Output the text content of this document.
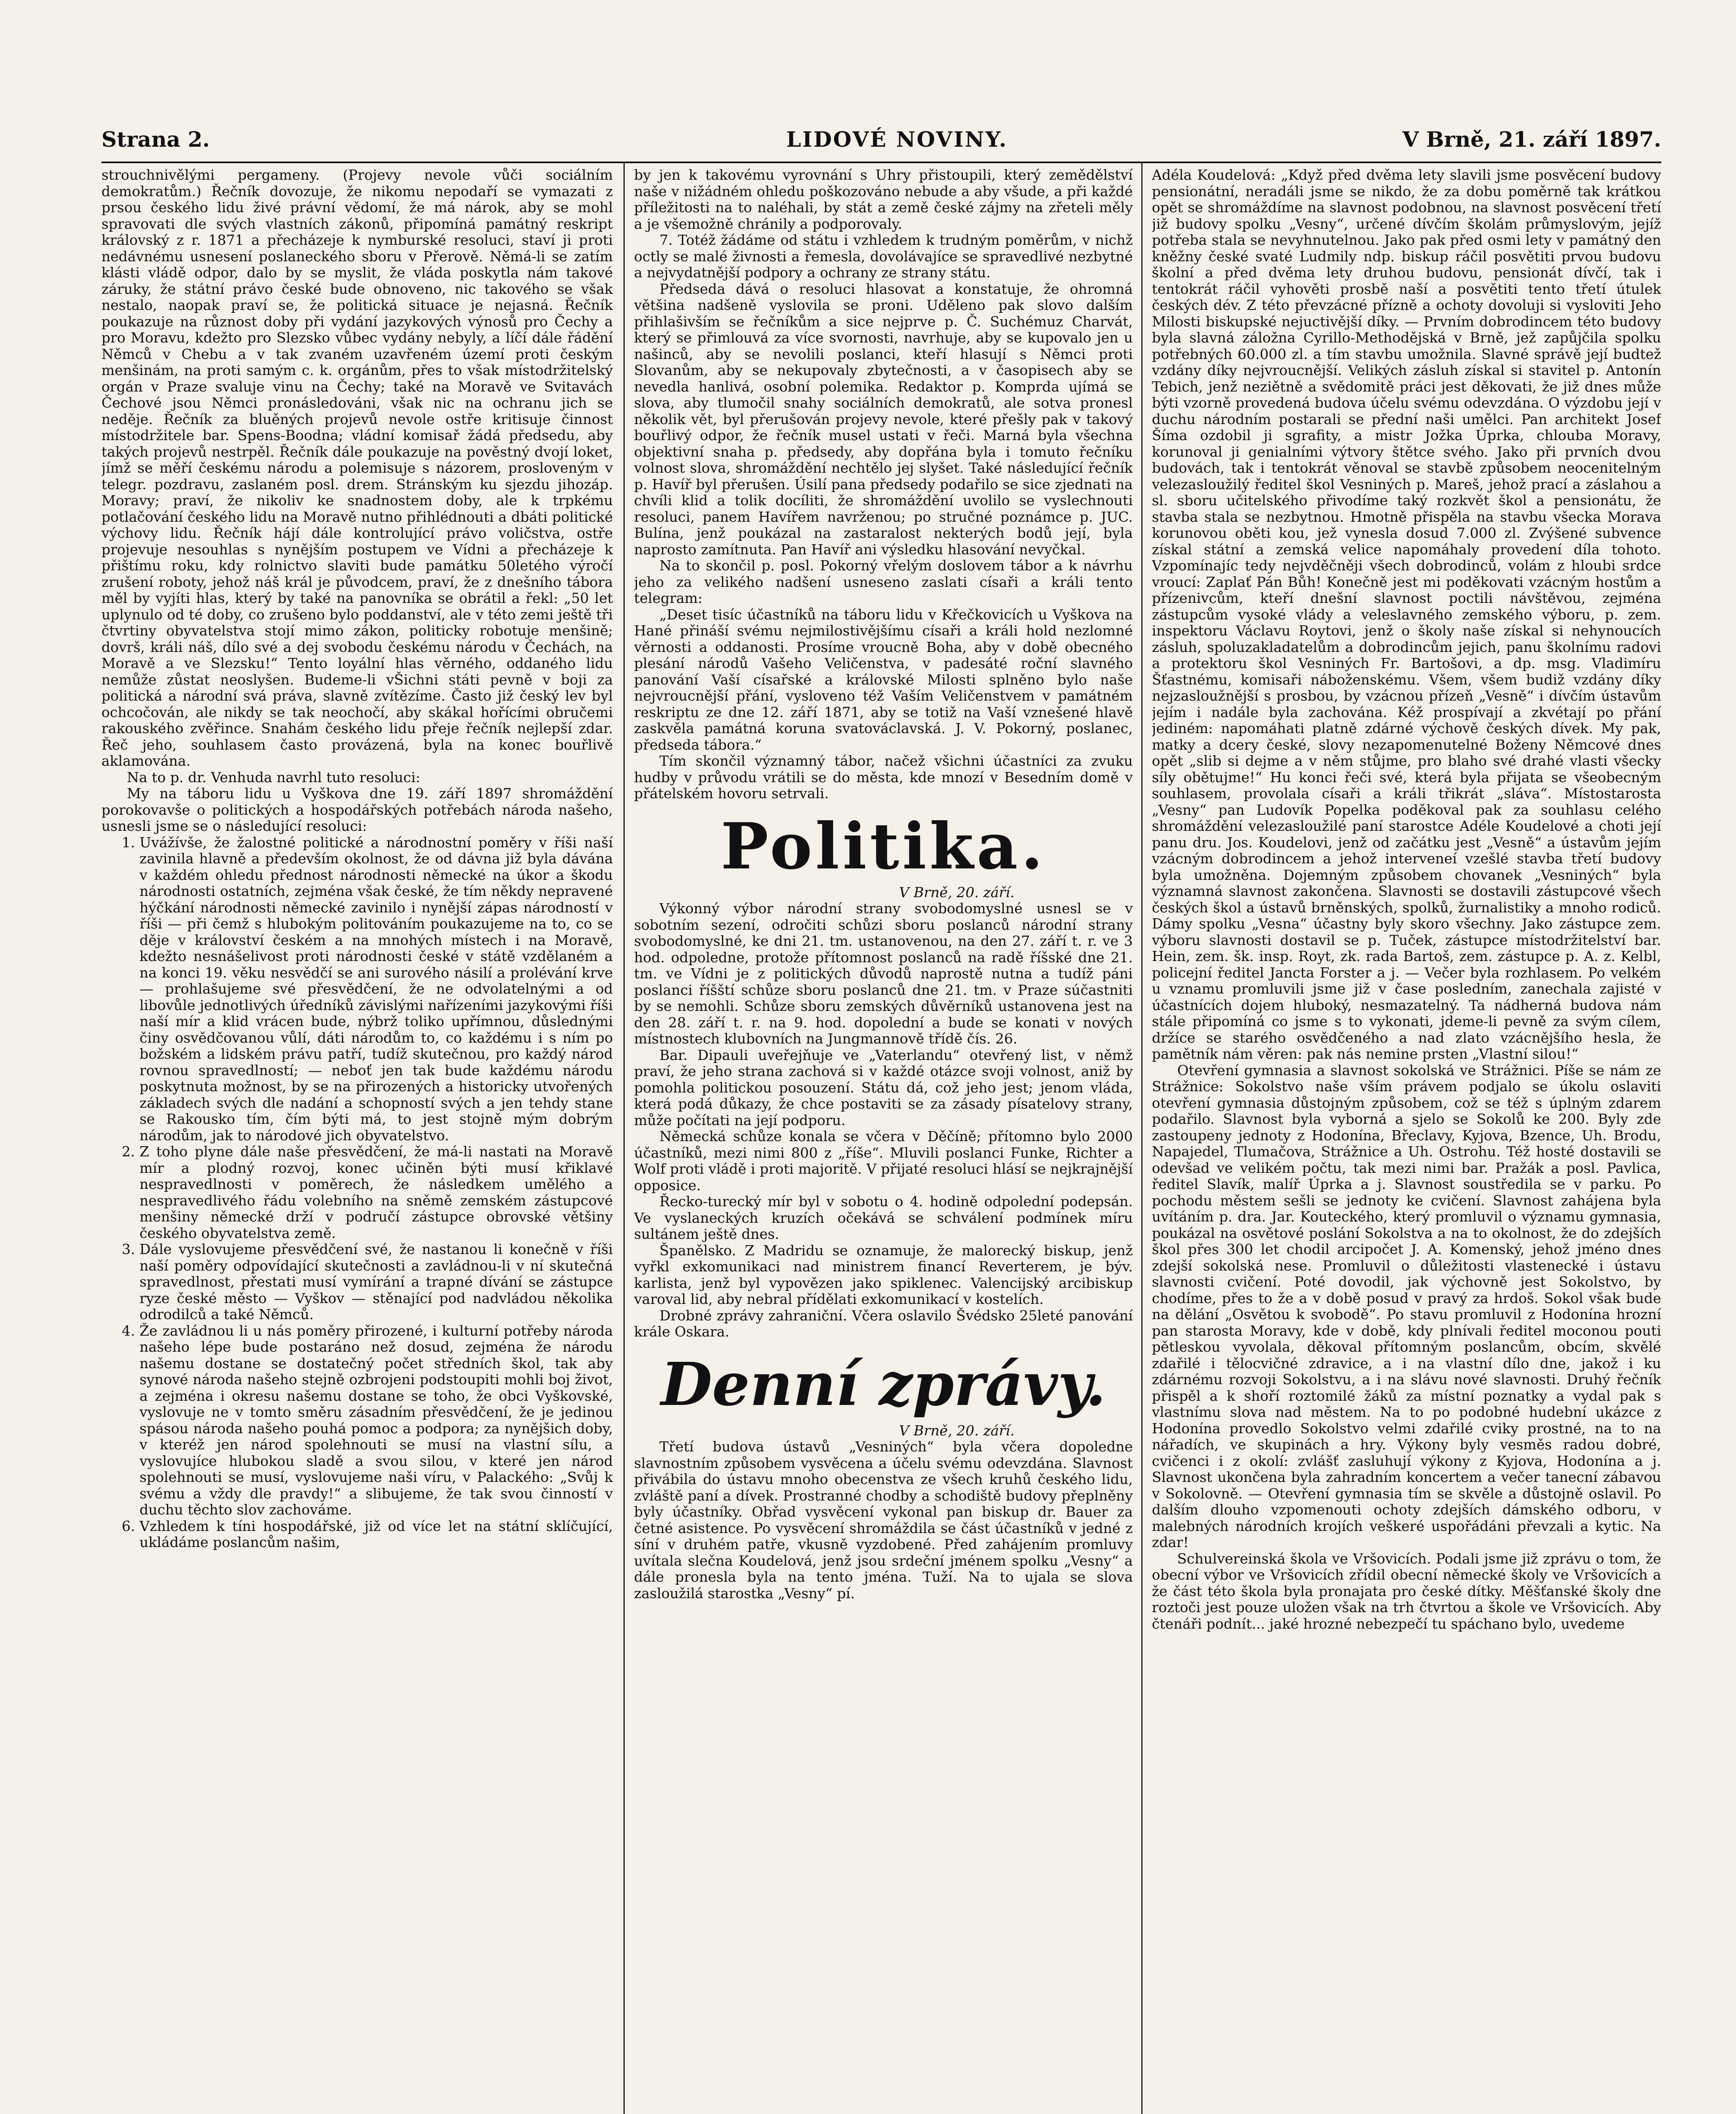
Strana 2.	LIDOVÉ NOVINY.	V Brně, 21. září 1897.

strouchnivělými pergameny. (Projevy nevole vůči sociálním demokratům.) Řečník dovozuje, že nikomu nepodaří se vymazati z prsou českého lidu živé právní vědomí, že má nárok, aby se mohl spravovati dle svých vlastních zákonů, připomíná památný reskript královský z r. 1871 a přecházeje k nymburské resoluci, staví ji proti nedávnému usnesení poslaneckého sboru v Přerově. Němá-li se zatím klásti vládě odpor, dalo by se myslit, že vláda poskytla nám takové záruky, že státní právo české bude obnoveno, nic takového se však nestalo, naopak praví se, že politická situace je nejasná. Řečník poukazuje na různost doby při vydání jazykových výnosů pro Čechy a pro Moravu, kdežto pro Slezsko vůbec vydány nebyly, a líčí dále řádění Němců v Chebu a v tak zvaném uzavřeném území proti českým menšinám, na proti samým c. k. orgánům, přes to však místodržitelský orgán v Praze svaluje vinu na Čechy; také na Moravě ve Svitavách Čechové jsou Němci pronásledováni, však nic na ochranu jich se neděje. Řečník za bluěných projevů nevole ostře kritisuje činnost místodržitele bar. Spens-Boodna; vládní komisař žádá předsedu, aby takých projevů nestrpěl. Řečník dále poukazuje na pověstný dvojí loket, jímž se měří českému národu a polemisuje s názorem, prosloveným v telegr. pozdravu, zaslaném posl. drem. Stránským ku sjezdu jihozáp. Moravy; praví, že nikoliv ke snadnostem doby, ale k trpkému potlačování českého lidu na Moravě nutno přihlédnouti a dbáti politické výchovy lidu. Řečník hájí dále kontrolující právo voličstva, ostře projevuje nesouhlas s nynějším postupem ve Vídni a přecházeje k přištímu roku, kdy rolnictvo slaviti bude památku 50letého výročí zrušení roboty, jehož náš král je původcem, praví, že z dnešního tábora měl by vyjíti hlas, který by také na panovníka se obrátil a řekl: „50 let uplynulo od té doby, co zrušeno bylo poddanství, ale v této zemi ještě tři čtvrtiny obyvatelstva stojí mimo zákon, politicky robotuje menšině; dovrš, králi náš, dílo své a dej svobodu českému národu v Čechách, na Moravě a ve Slezsku!“ Tento loyální hlas věrného, oddaného lidu nemůže zůstat neoslyšen. Budeme-li vŠichni státi pevně v boji za politická a národní svá práva, slavně zvítězíme. Často již český lev byl ochcočován, ale nikdy se tak neochočí, aby skákal hořícími obručemi rakouského zvěřince. Snahám českého lidu přeje řečník nejlepší zdar. Řeč jeho, souhlasem často provázená, byla na konec bouřlivě aklamována.

Na to p. dr. Venhuda navrhl tuto resoluci:

My na táboru lidu u Vyškova dne 19. září 1897 shromáždění porokovavše o politických a hospodářských potřebách národa našeho, usnesli jsme se o následující resoluci:

1. Uvážívše, že žalostné politické a národnostní poměry v říši naší zavinila hlavně a především okolnost, že od dávna již byla dávána v každém ohledu přednost národnosti německé na úkor a škodu národnosti ostatních, zejména však české, že tím někdy nepravené hýčkání národnosti německé zavinilo i nynější zápas národností v říši — při čemž s hlubokým politováním poukazujeme na to, co se děje v království českém a na mnohých místech i na Moravě, kdežto nesnášelivost proti národnosti české v státě vzdělaném a na konci 19. věku nesvědčí se ani surového násilí a prolévání krve — prohlašujeme své přesvědčení, že ne odvolatelnými a od libovůle jednotlivých úředníků závislými nařízeními jazykovými říši naší mír a klid vrácen bude, nýbrž toliko upřímnou, důslednými činy osvědčovanou vůlí, dáti národům to, co každému i s ním po božském a lidském právu patří, tudíž skutečnou, pro každý národ rovnou spravedlností; — neboť jen tak bude každému národu poskytnuta možnost, by se na přirozených a historicky utvořených základech svých dle nadání a schopností svých a jen tehdy stane se Rakousko tím, čím býti má, to jest stojně mým dobrým národům, jak to národové jich obyvatelstvo.
2. Z toho plyne dále naše přesvědčení, že má-li nastati na Moravě mír a plodný rozvoj, konec učiněn býti musí křiklavé nespravedlnosti v poměrech, že následkem umělého a nespravedlivého řádu volebního na sněmě zemském zástupcové menšiny německé drží v područí zástupce obrovské většiny českého obyvatelstva země.
3. Dále vyslovujeme přesvědčení své, že nastanou li konečně v říši naší poměry odpovídající skutečnosti a zavládnou-li v ní skutečná spravedlnost, přestati musí vymírání a trapné dívání se zástupce ryze české město — Vyškov — stěnající pod nadvládou několika odrodilců a také Němců.
4. Že zavládnou li u nás poměry přirozené, i kulturní potřeby národa našeho lépe bude postaráno než dosud, zejména že národu našemu dostane se dostatečný počet středních škol, tak aby synové národa našeho stejně ozbrojeni podstoupiti mohli boj život, a zejména i okresu našemu dostane se toho, že obci Vyškovské, vyslovuje ne v tomto směru zásadním přesvědčení, že je jedinou spásou národa našeho pouhá pomoc a podpora; za nynějšich doby, v kteréž jen národ spolehnouti se musí na vlastní sílu, a vyslovujíce hlubokou sladě a svou silou, v které jen národ spolehnouti se musí, vyslovujeme naši víru, v Palackého: „Svůj k svému a vždy dle pravdy!“ a slibujeme, že tak svou činností v duchu těchto slov zachováme.
6. Vzhledem k tíni hospodářské, již od více let na státní sklíčující, ukládáme poslancům našim,

by jen k takovému vyrovnání s Uhry přistoupili, který zemědělství naše v nižádném ohledu poškozováno nebude a aby všude, a při každé příležitosti na to naléhali, by stát a země české zájmy na zřeteli měly a je všemožně chránily a podporovaly.

7. Totéž žádáme od státu i vzhledem k trudným poměrům, v nichž octly se malé živnosti a řemesla, dovolávajíce se spravedlivé nezbytné a nejvydatnější podpory a ochrany ze strany státu.

Předseda dává o resoluci hlasovat a konstatuje, že ohromná většina nadšeně vyslovila se proni. Uděleno pak slovo dalším přihlašivším se řečníkům a sice nejprve p. Č. Suchémuz Charvát, který se přimlouvá za více svornosti, navrhuje, aby se kupovalo jen u našinců, aby se nevolili poslanci, kteří hlasují s Němci proti Slovanům, aby se nekupovaly zbytečnosti, a v časopisech aby se nevedla hanlivá, osobní polemika. Redaktor p. Komprda ujímá se slova, aby tlumočil snahy sociálních demokratů, ale sotva pronesl několik vět, byl přerušován projevy nevole, které přešly pak v takový bouřlivý odpor, že řečník musel ustati v řeči. Marná byla všechna objektivní snaha p. předsedy, aby dopřána byla i tomuto řečníku volnost slova, shromáždění nechtělo jej slyšet. Také následující řečník p. Havíř byl přerušen. Úsilí pana předsedy podařilo se sice zjednati na chvíli klid a tolik docíliti, že shromáždění uvolilo se vyslechnouti resoluci, panem Havířem navrženou; po stručné poznámce p. JUC. Bulína, jenž poukázal na zastaralost nekterých bodů její, byla naprosto zamítnuta. Pan Havíř ani výsledku hlasování nevyčkal.

Na to skončil p. posl. Pokorný vřelým doslovem tábor a k návrhu jeho za velikého nadšení usneseno zaslati císaři a králi tento telegram:

„Deset tisíc účastníků na táboru lidu v Křečkovicích u Vyškova na Hané přináší svému nejmilostivějšímu císaři a králi hold nezlomné věrnosti a oddanosti. Prosíme vroucně Boha, aby v době obecného plesání národů Vašeho Veličenstva, v padesáté roční slavného panování Vaší císařské a královské Milosti splněno bylo naše nejvroucnější přání, vysloveno též Vaším Veličenstvem v památném reskriptu ze dne 12. září 1871, aby se totiž na Vaší vznešené hlavě zaskvěla památná koruna svatováclavská. J. V. Pokorný, poslanec, předseda tábora.“

Tím skončil významný tábor, načež všichni účastníci za zvuku hudby v průvodu vrátili se do města, kde mnozí v Besedním domě v přátelském hovoru setrvali.

Politika.

V Brně, 20. září.

Výkonný výbor národní strany svobodomyslné usnesl se v sobotním sezení, odročiti schůzi sboru poslanců národní strany svobodomyslné, ke dni 21. tm. ustanovenou, na den 27. září t. r. ve 3 hod. odpoledne, protože přítomnost poslanců na radě říšské dne 21. tm. ve Vídni je z politických důvodů naprostě nutna a tudíž páni poslanci říšští schůze sboru poslanců dne 21. tm. v Praze súčastniti by se nemohli. Schůze sboru zemských důvěrníků ustanovena jest na den 28. září t. r. na 9. hod. dopolední a bude se konati v nových místnostech klubovních na Jungmannově třídě čís. 26.

Bar. Dipauli uveřejňuje ve „Vaterlandu“ otevřený list, v němž praví, že jeho strana zachová si v každé otázce svoji volnost, aniž by pomohla politickou posouzení. Státu dá, což jeho jest; jenom vláda, která podá důkazy, že chce postaviti se za zásady písatelovy strany, může počítati na její podporu.

Německá schůze konala se včera v Děčíně; přítomno bylo 2000 účastníků, mezi nimi 800 z „říše“. Mluvili poslanci Funke, Richter a Wolf proti vládě i proti majoritě. V přijaté resoluci hlásí se nejkrajnější opposice.

Řecko-turecký mír byl v sobotu o 4. hodině odpolední podepsán. Ve vyslaneckých kruzích očekává se schválení podmínek míru sultánem ještě dnes.

Španělsko. Z Madridu se oznamuje, že malorecký biskup, jenž vyřkl exkomunikaci nad ministrem financí Reverterem, je býv. karlista, jenž byl vypovězen jako spiklenec. Valencijský arcibiskup varoval lid, aby nebral přídělati exkomunikací v kostelích.

Drobné zprávy zahraniční. Včera oslavilo Švédsko 25leté panování krále Oskara.

Denní zprávy.

V Brně, 20. září.

Třetí budova ústavů „Vesniných“ byla včera dopoledne slavnostním způsobem vysvěcena a účelu svému odevzdána. Slavnost přivábila do ústavu mnoho obecenstva ze všech kruhů českého lidu, zvláště paní a dívek. Prostranné chodby a schodiště budovy přeplněny byly účastníky. Obřad vysvěcení vykonal pan biskup dr. Bauer za četné asistence. Po vysvěcení shromáždila se část účastníků v jedné z síní v druhém patře, vkusně vyzdobené. Před zahájením promluvy uvítala slečna Koudelová, jenž jsou srdeční jménem spolku „Vesny“ a dále pronesla byla na tento jména. Tuží. Na to ujala se slova zasloužilá starostka „Vesny“ pí.

Adéla Koudelová: „Když před dvěma lety slavili jsme posvěcení budovy pensionátní, neradáli jsme se nikdo, že za dobu poměrně tak krátkou opět se shromáždíme na slavnost podobnou, na slavnost posvěcení třetí již budovy spolku „Vesny“, určené dívčím školám průmyslovým, jejíž potřeba stala se nevyhnutelnou. Jako pak před osmi lety v památný den kněžny české svaté Ludmily ndp. biskup ráčil posvětiti prvou budovu školní a před dvěma lety druhou budovu, pensionát dívčí, tak i tentokrát ráčil vyhověti prosbě naší a posvětiti tento třetí útulek českých dév. Z této převzácné přízně a ochoty dovoluji si vysloviti Jeho Milosti biskupské nejuctivější díky. — Prvním dobrodincem této budovy byla slavná záložna Cyrillo-Methodějská v Brně, jež zapůjčila spolku potřebných 60.000 zl. a tím stavbu umožnila. Slavné správě její budtež vzdány díky nejvroucnější. Velikých zásluh získal si stavitel p. Antonín Tebich, jenž neziětně a svědomitě práci jest děkovati, že již dnes může býti vzorně provedená budova účelu svému odevzdána. O výzdobu její v duchu národním postarali se přední naši umělci. Pan architekt Josef Šíma ozdobil ji sgrafity, a mistr Jožka Úprka, chlouba Moravy, korunoval ji genialními výtvory štětce svého. Jako při prvních dvou budovách, tak i tentokrát věnoval se stavbě způsobem neocenitelným velezasloužilý ředitel škol Vesniných p. Mareš, jehož prací a záslahou a sl. sboru učitelského přivodíme taký rozkvět škol a pensionátu, že stavba stala se nezbytnou. Hmotně přispěla na stavbu všecka Morava korunovou oběti kou, jež vynesla dosud 7.000 zl. Zvýšené subvence získal státní a zemská velice napomáhaly provedení díla tohoto. Vzpomínajíc tedy nejvděčněji všech dobrodinců, volám z hloubi srdce vroucí: Zaplať Pán Bůh! Konečně jest mi poděkovati vzácným hostům a přízenivcům, kteří dnešní slavnost poctili návštěvou, zejména zástupcům vysoké vlády a veleslavného zemského výboru, p. zem. inspektoru Václavu Roytovi, jenž o školy naše získal si nehynoucích zásluh, spoluzakladatelům a dobrodincům jejich, panu školnímu radovi a protektoru škol Vesniných Fr. Bartošovi, a dp. msg. Vladimíru Šťastnému, komisaři náboženskému. Všem, všem budiž vzdány díky nejzasloužnější s prosbou, by vzácnou přízeň „Vesně“ i dívčím ústavům jejím i nadále byla zachována. Kéž prospívají a zkvétají po přání jediném: napomáhati platně zdárné výchově českých dívek. My pak, matky a dcery české, slovy nezapomenutelné Boženy Němcové dnes opět „slib si dejme a v něm stůjme, pro blaho své drahé vlasti všecky síly obětujme!“ Hu konci řeči své, která byla přijata se všeobecným souhlasem, provolala císaři a králi třikrát „sláva“. Místostarosta „Vesny“ pan Ludovík Popelka poděkoval pak za souhlasu celého shromáždění velezasloužilé paní starostce Adéle Koudelové a choti její panu dru. Jos. Koudelovi, jenž od začátku jest „Vesně“ a ústavům jejím vzácným dobrodincem a jehož interveneí vzešlé stavba třetí budovy byla umožněna. Dojemným způsobem chovanek „Vesniných“ byla významná slavnost zakončena. Slavnosti se dostavili zástupcové všech českých škol a ústavů brněnských, spolků, žurnalistiky a mnoho rodiců. Dámy spolku „Vesna“ účastny byly skoro všechny. Jako zástupce zem. výboru slavnosti dostavil se p. Tuček, zástupce místodržitelství bar. Hein, zem. šk. insp. Royt, zk. rada Bartoš, zem. zástupce p. A. z. Kelbl, policejní ředitel Jancta Forster a j. — Večer byla rozhlasem. Po velkém u vznamu promluvili jsme již v čase posledním, zanechala zajisté v účastnících dojem hluboký, nesmazatelný. Ta nádherná budova nám stále připomíná co jsme s to vykonati, jdeme-li pevně za svým cílem, držíce se starého osvědčeného a nad zlato vzácnějšího hesla, že pamětník nám věren: pak nás nemine prsten „Vlastní silou!“

Otevření gymnasia a slavnost sokolská ve Strážnici. Píše se nám ze Strážnice: Sokolstvo naše vším právem podjalo se úkolu oslaviti otevření gymnasia důstojným způsobem, což se též s úplným zdarem podařilo. Slavnost byla vyborná a sjelo se Sokolů ke 200. Byly zde zastoupeny jednoty z Hodonína, Břeclavy, Kyjova, Bzence, Uh. Brodu, Napajedel, Tlumačova, Strážnice a Uh. Ostrohu. Též hosté dostavili se odevšad ve velikém počtu, tak mezi nimi bar. Pražák a posl. Pavlica, ředitel Slavík, malíř Úprka a j. Slavnost soustředila se v parku. Po pochodu městem sešli se jednoty ke cvičení. Slavnost zahájena byla uvítáním p. dra. Jar. Kouteckého, který promluvil o významu gymnasia, poukázal na osvětové poslání Sokolstva a na to okolnost, že do zdejších škol přes 300 let chodil arcipočet J. A. Komenský, jehož jméno dnes zdejší sokolská nese. Promluvil o důležitosti vlastenecké i ústavu slavnosti cvičení. Poté dovodil, jak výchovně jest Sokolstvo, by chodíme, přes to že a v době posud v pravý za hrdoš. Sokol však bude na dělání „Osvětou k svobodě“. Po stavu promluvil z Hodonína hrozní pan starosta Moravy, kde v době, kdy plnívali ředitel moconou pouti pětleskou vyvolala, děkoval přítomným poslancům, obcím, skvělé zdařilé i tělocvičné zdravice, a i na vlastní dílo dne, jakož i ku zdárnému rozvoji Sokolstvu, a i na slávu nové slavnosti. Druhý řečník přispěl a k shoří roztomilé žáků za místní poznatky a vydal pak s vlastnímu slova nad městem. Na to po podobné hudební ukázce z Hodonína provedlo Sokolstvo velmi zdařilé cviky prostné, na to na nářadích, ve skupinách a hry. Výkony byly vesměs radou dobré, cvičenci i z okolí: zvlášť zasluhují výkony z Kyjova, Hodonína a j. Slavnost ukončena byla zahradním koncertem a večer tanecní zábavou v Sokolovně. — Otevření gymnasia tím se skvěle a důstojně oslavil. Po dalším dlouho vzpomenouti ochoty zdejších dámského odboru, v malebných národních krojích veškeré uspořádáni převzali a kytic. Na zdar!

Schulvereinská škola ve Vršovicích. Podali jsme již zprávu o tom, že obecní výbor ve Vršovicích zřídil obecní německé školy ve Vršovicích a že část této škola byla pronajata pro české dítky. Měšťanské školy dne roztoči jest pouze uložen však na trh čtvrtou a škole ve Vršovicích. Aby čtenáři podnít... jaké hrozné nebezpečí tu spáchano bylo, uvedeme
